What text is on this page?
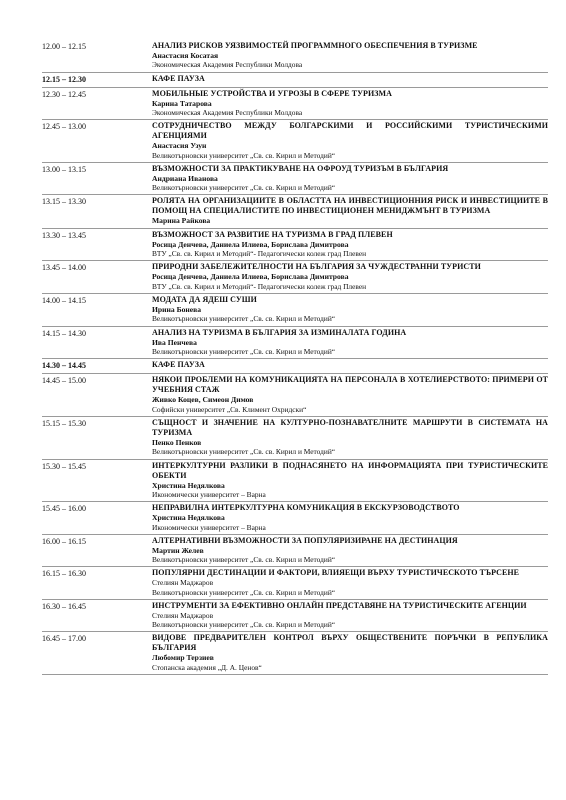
12.00 – 12.15	АНАЛИЗ РИСКОВ УЯЗВИМОСТЕЙ ПРОГРАММНОГО ОБЕСПЕЧЕНИЯ В ТУРИЗМЕ
Анастасия Косатая
Экономическая Академия Республики Молдова
12.15 – 12.30	КАФЕ ПАУЗА
12.30 – 12.45	МОБИЛЬНЫЕ УСТРОЙСТВА И УГРОЗЫ В СФЕРЕ ТУРИЗМА
Карина Татарова
Экономическая Академия Республики Молдова
12.45 – 13.00	СОТРУДНИЧЕСТВО МЕЖДУ БОЛГАРСКИМИ И РОССИЙСКИМИ ТУРИСТИЧЕСКИМИ АГЕНЦИЯМИ
Анастасия Узун
Великотърновски университет „Св. св. Кирил и Методий“
13.00 – 13.15	ВЪЗМОЖНОСТИ ЗА ПРАКТИКУВАНЕ НА ОФРОУД ТУРИЗЪМ В БЪЛГАРИЯ
Андриана Иванова
Великотърновски университет „Св. св. Кирил и Методий“
13.15 – 13.30	РОЛЯТА НА ОРГАНИЗАЦИИТЕ В ОБЛАСТТА НА ИНВЕСТИЦИОННИЯ РИСК И ИНВЕСТИЦИИТЕ В ПОМОЩ НА СПЕЦИАЛИСТИТЕ ПО ИНВЕСТИЦИОНЕН МЕНИДЖМЪНТ В ТУРИЗМА
Марина Райкова
13.30 – 13.45	ВЪЗМОЖНОСТ ЗА РАЗВИТИЕ НА ТУРИЗМА В ГРАД ПЛЕВЕН
Росица Денчева, Даниела Илиева, Борислава Димитрова
ВТУ „Св. св. Кирил и Методий“- Педагогически колеж град Плевен
13.45 – 14.00	ПРИРОДНИ ЗАБЕЛЕЖИТЕЛНОСТИ НА БЪЛГАРИЯ ЗА ЧУЖДЕСТРАННИ ТУРИСТИ
Росица Денчева, Даниела Илиева, Борислава Димитрова
ВТУ „Св. св. Кирил и Методий“- Педагогически колеж град Плевен
14.00 – 14.15	МОДАТА ДА ЯДЕШ СУШИ
Ирина Бонева
Великотърновски университет „Св. св. Кирил и Методий“
14.15 – 14.30	АНАЛИЗ НА ТУРИЗМА В БЪЛГАРИЯ ЗА ИЗМИНАЛАТА ГОДИНА
Ива Пенчева
Великотърновски университет „Св. св. Кирил и Методий“
14.30 – 14.45	КАФЕ ПАУЗА
14.45 – 15.00	НЯКОИ ПРОБЛЕМИ НА КОМУНИКАЦИЯТА НА ПЕРСОНАЛА В ХОТЕЛИЕРСТВОТО: ПРИМЕРИ ОТ УЧЕБНИЯ СТАЖ
Живко Коцев, Симеон Димов
Софийски университет „Св. Климент Охридски“
15.15 – 15.30	СЪЩНОСТ И ЗНАЧЕНИЕ НА КУЛТУРНО-ПОЗНАВАТЕЛНИТЕ МАРШРУТИ В СИСТЕМАТА НА ТУРИЗМА
Пенко Пенков
Великотърновски университет „Св. св. Кирил и Методий“
15.30 – 15.45	ИНТЕРКУЛТУРНИ РАЗЛИКИ В ПОДНАСЯНЕТО НА ИНФОРМАЦИЯТА ПРИ ТУРИСТИЧЕСКИТЕ ОБЕКТИ
Христина Недялкова
Икономически университет – Варна
15.45 – 16.00	НЕПРАВИЛНА ИНТЕРКУЛТУРНА КОМУНИКАЦИЯ В ЕКСКУРЗОВОДСТВОТО
Христина Недялкова
Икономически университет – Варна
16.00 – 16.15	АЛТЕРНАТИВНИ ВЪЗМОЖНОСТИ ЗА ПОПУЛЯРИЗИРАНЕ НА ДЕСТИНАЦИЯ
Мартин Желев
Великотърновски университет „Св. св. Кирил и Методий“
16.15 – 16.30	ПОПУЛЯРНИ ДЕСТИНАЦИИ И ФАКТОРИ, ВЛИЯЕЩИ ВЪРХУ ТУРИСТИЧЕСКОТО ТЪРСЕНЕ
Стелиян Маджаров
Великотърновски университет „Св. св. Кирил и Методий“
16.30 – 16.45	ИНСТРУМЕНТИ ЗА ЕФЕКТИВНО ОНЛАЙН ПРЕДСТАВЯНЕ НА ТУРИСТИЧЕСКИТЕ АГЕНЦИИ
Стелиян Маджаров
Великотърновски университет „Св. св. Кирил и Методий“
16.45 – 17.00	ВИДОВЕ ПРЕДВАРИТЕЛЕН КОНТРОЛ ВЪРХУ ОБЩЕСТВЕНИТЕ ПОРЪЧКИ В РЕПУБЛИКА БЪЛГАРИЯ
Любомир Терзиев
Стопанска академия „Д. А. Ценов“
